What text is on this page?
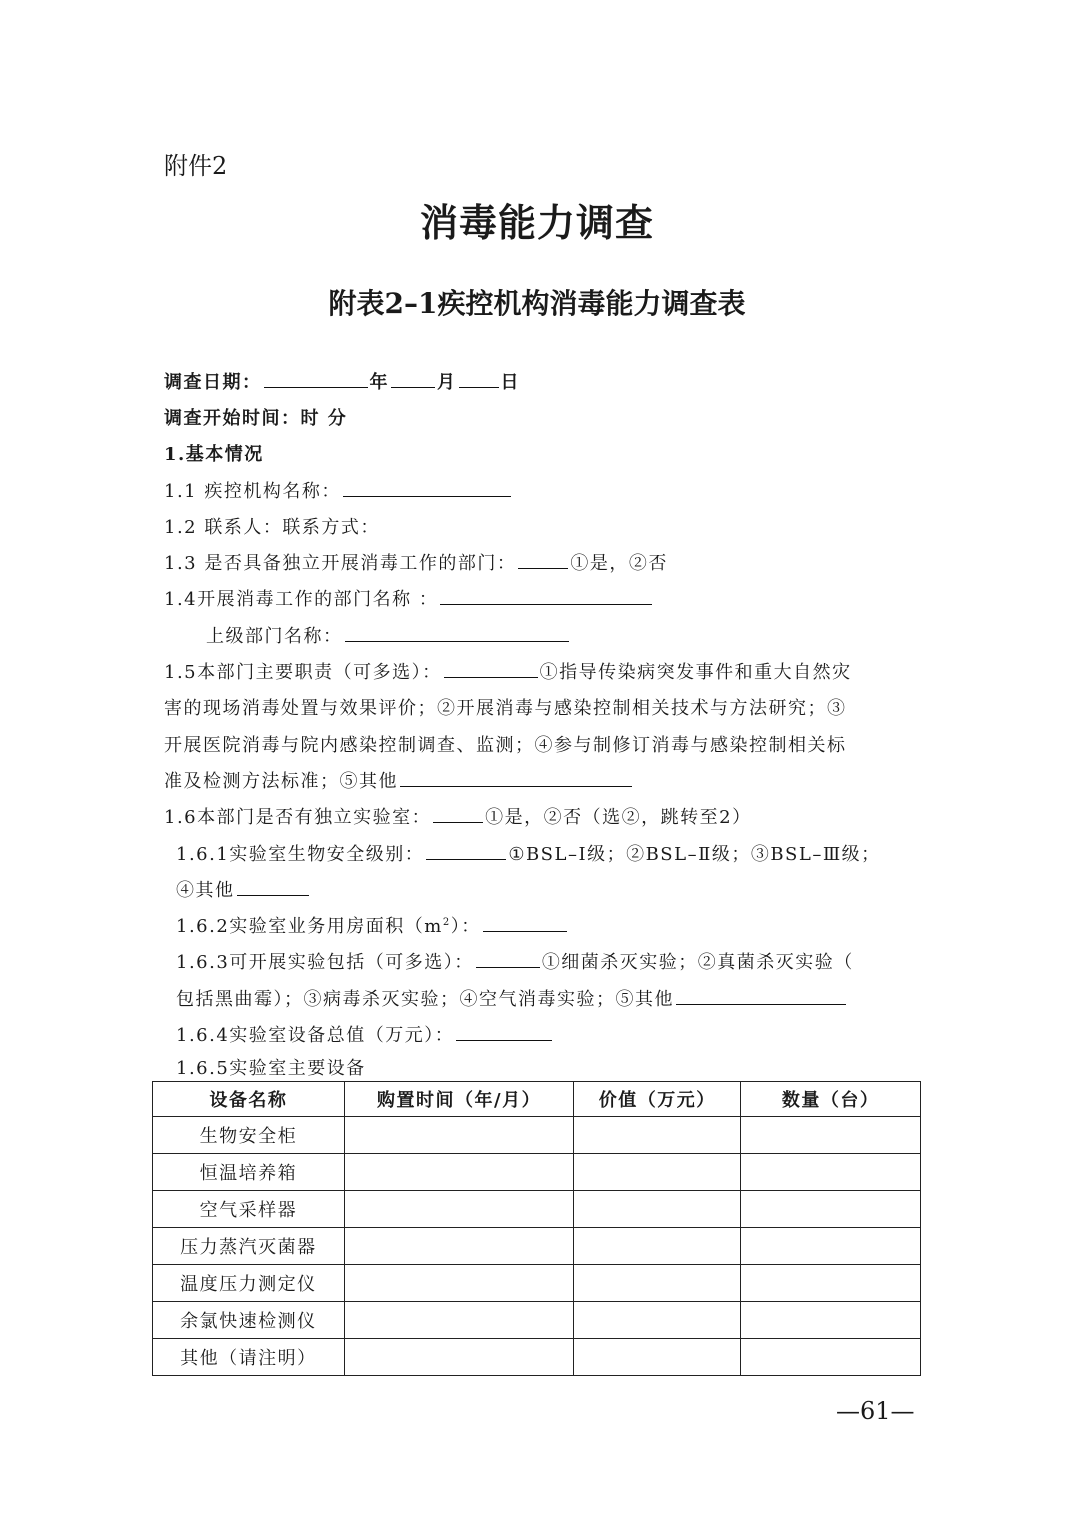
附件2
消毒能力调查
附表2–1疾控机构消毒能力调查表
调查日期：	年	月 日
调查开始时间：时 分
1.基本情况
1.1 疾控机构名称：
1.2 联系人：联系方式：
1.3 是否具备独立开展消毒工作的部门：	①是，②否
1.4开展消毒工作的部门名称 ：
上级部门名称：
1.5本部门主要职责（可多选）：	①指导传染病突发事件和重大自然灾
害的现场消毒处置与效果评价；②开展消毒与感染控制相关技术与方法研究；③
开展医院消毒与院内感染控制调查、监测；④参与制修订消毒与感染控制相关标
准及检测方法标准；⑤其他
1.6本部门是否有独立实验室：	①是，②否（选②，跳转至2）
1.6.1实验室生物安全级别：	①BSL–Ⅰ级；②BSL–Ⅱ级；③BSL–Ⅲ级；
④其他
1.6.2实验室业务用房面积$(m^2)$：
1.6.3可开展实验包括（可多选）：	①细菌杀灭实验；②真菌杀灭实验（
包括黑曲霉）；③病毒杀灭实验；④空气消毒实验；⑤其他
1.6.4实验室设备总值（万元）：
1.6.5实验室主要设备
设备名称	购置时间（年/月）	价值（万元）	数量（台）
生物安全柜			
恒温培养箱			
空气采样器			
压力蒸汽灭菌器			
温度压力测定仪			
余氯快速检测仪			
其他（请注明）			
—61—
